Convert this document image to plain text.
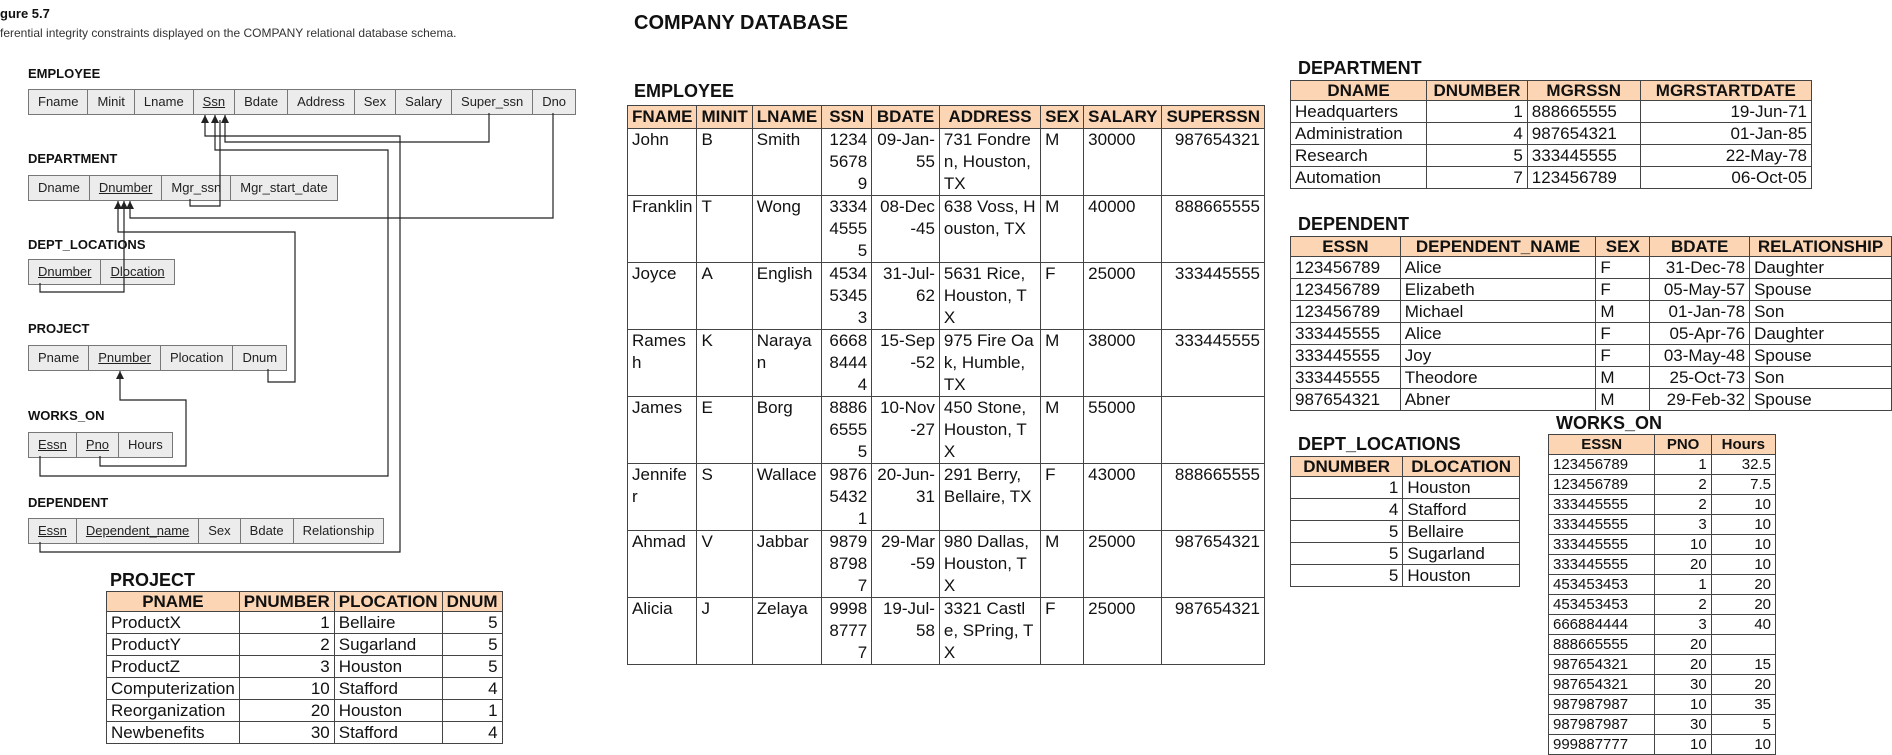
gure 5.7
ferential integrity constraints displayed on the COMPANY relational database schema.
EMPLOYEE
Fname	Minit	Lname	Ssn	Bdate	Address	Sex	Salary	Super_ssn	Dno
DEPARTMENT
Dname	Dnumber	Mgr_ssn	Mgr_start_date
DEPT_LOCATIONS
Dnumber	Dlocation
PROJECT
Pname	Pnumber	Plocation	Dnum
WORKS_ON
Essn	Pno	Hours
DEPENDENT
Essn	Dependent_name	Sex	Bdate	Relationship
COMPANY DATABASE
EMPLOYEE
FNAME	MINIT	LNAME	SSN	BDATE	ADDRESS	SEX	SALARY	SUPERSSN
John	B	Smith	123456789	09-Jan-55	731 Fondren, Houston, TX	M	30000	987654321
Franklin	T	Wong	333445555	08-Dec-45	638 Voss, Houston, TX	M	40000	888665555
Joyce	A	English	453453453	31-Jul-62	5631 Rice, Houston, TX	F	25000	333445555
Ramesh	K	Narayan	666884444	15-Sep-52	975 Fire Oak, Humble, TX	M	38000	333445555
James	E	Borg	888665555	10-Nov-27	450 Stone, Houston, TX	M	55000	
Jennifer	S	Wallace	987654321	20-Jun-31	291 Berry, Bellaire, TX	F	43000	888665555
Ahmad	V	Jabbar	987987987	29-Mar-59	980 Dallas, Houston, TX	M	25000	987654321
Alicia	J	Zelaya	999887777	19-Jul-58	3321 Castle, SPring, TX	F	25000	987654321
PROJECT
PNAME	PNUMBER	PLOCATION	DNUM
ProductX	1	Bellaire	5
ProductY	2	Sugarland	5
ProductZ	3	Houston	5
Computerization	10	Stafford	4
Reorganization	20	Houston	1
Newbenefits	30	Stafford	4
DEPARTMENT
DNAME	DNUMBER	MGRSSN	MGRSTARTDATE
Headquarters	1	888665555	19-Jun-71
Administration	4	987654321	01-Jan-85
Research	5	333445555	22-May-78
Automation	7	123456789	06-Oct-05
DEPENDENT
ESSN	DEPENDENT_NAME	SEX	BDATE	RELATIONSHIP
123456789	Alice	F	31-Dec-78	Daughter
123456789	Elizabeth	F	05-May-57	Spouse
123456789	Michael	M	01-Jan-78	Son
333445555	Alice	F	05-Apr-76	Daughter
333445555	Joy	F	03-May-48	Spouse
333445555	Theodore	M	25-Oct-73	Son
987654321	Abner	M	29-Feb-32	Spouse
DEPT_LOCATIONS
DNUMBER	DLOCATION
1	Houston
4	Stafford
5	Bellaire
5	Sugarland
5	Houston
WORKS_ON
ESSN	PNO	Hours
123456789	1	32.5
123456789	2	7.5
333445555	2	10
333445555	3	10
333445555	10	10
333445555	20	10
453453453	1	20
453453453	2	20
666884444	3	40
888665555	20	
987654321	20	15
987654321	30	20
987987987	10	35
987987987	30	5
999887777	10	10
